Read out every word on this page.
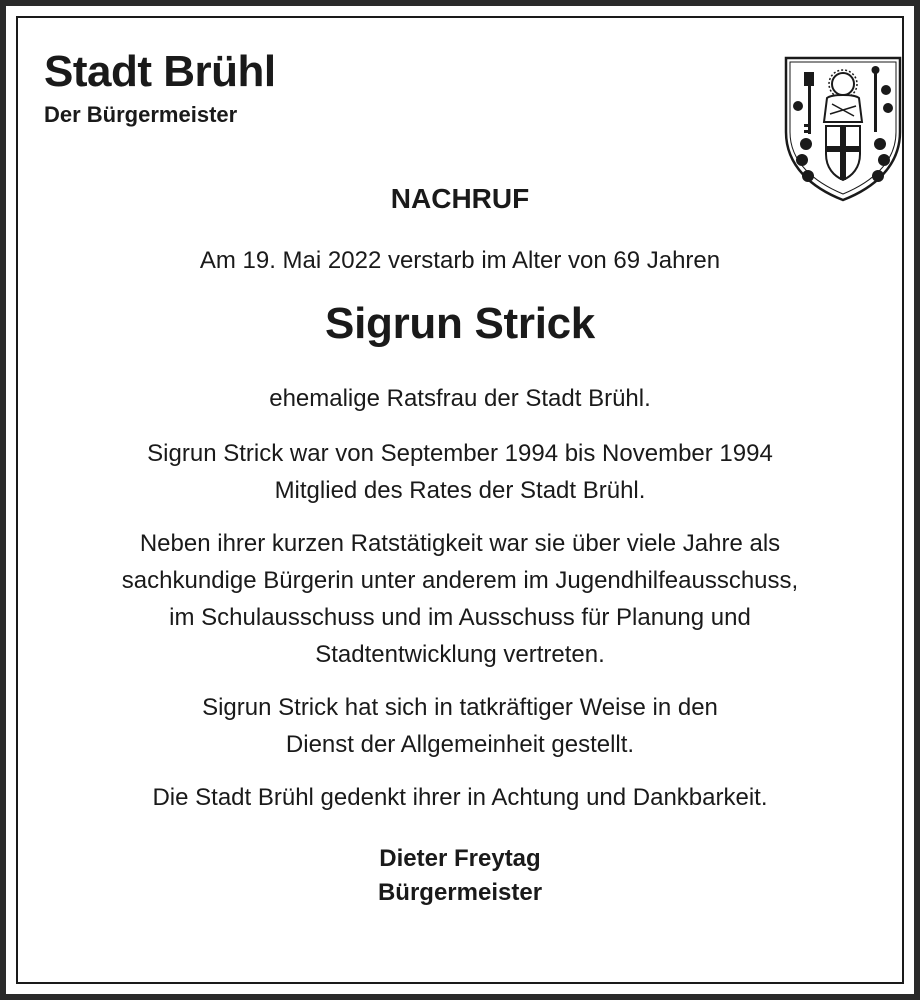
Stadt Brühl
Der Bürgermeister
NACHRUF
Am 19. Mai 2022 verstarb im Alter von 69 Jahren
Sigrun Strick
ehemalige Ratsfrau der Stadt Brühl.
Sigrun Strick war von September 1994 bis November 1994
Mitglied des Rates der Stadt Brühl.
Neben ihrer kurzen Ratstätigkeit war sie über viele Jahre als
sachkundige Bürgerin unter anderem im Jugendhilfeausschuss,
im Schulausschuss und im Ausschuss für Planung und
Stadtentwicklung vertreten.
Sigrun Strick hat sich in tatkräftiger Weise in den
Dienst der Allgemeinheit gestellt.
Die Stadt Brühl gedenkt ihrer in Achtung und Dankbarkeit.
Dieter Freytag
Bürgermeister
